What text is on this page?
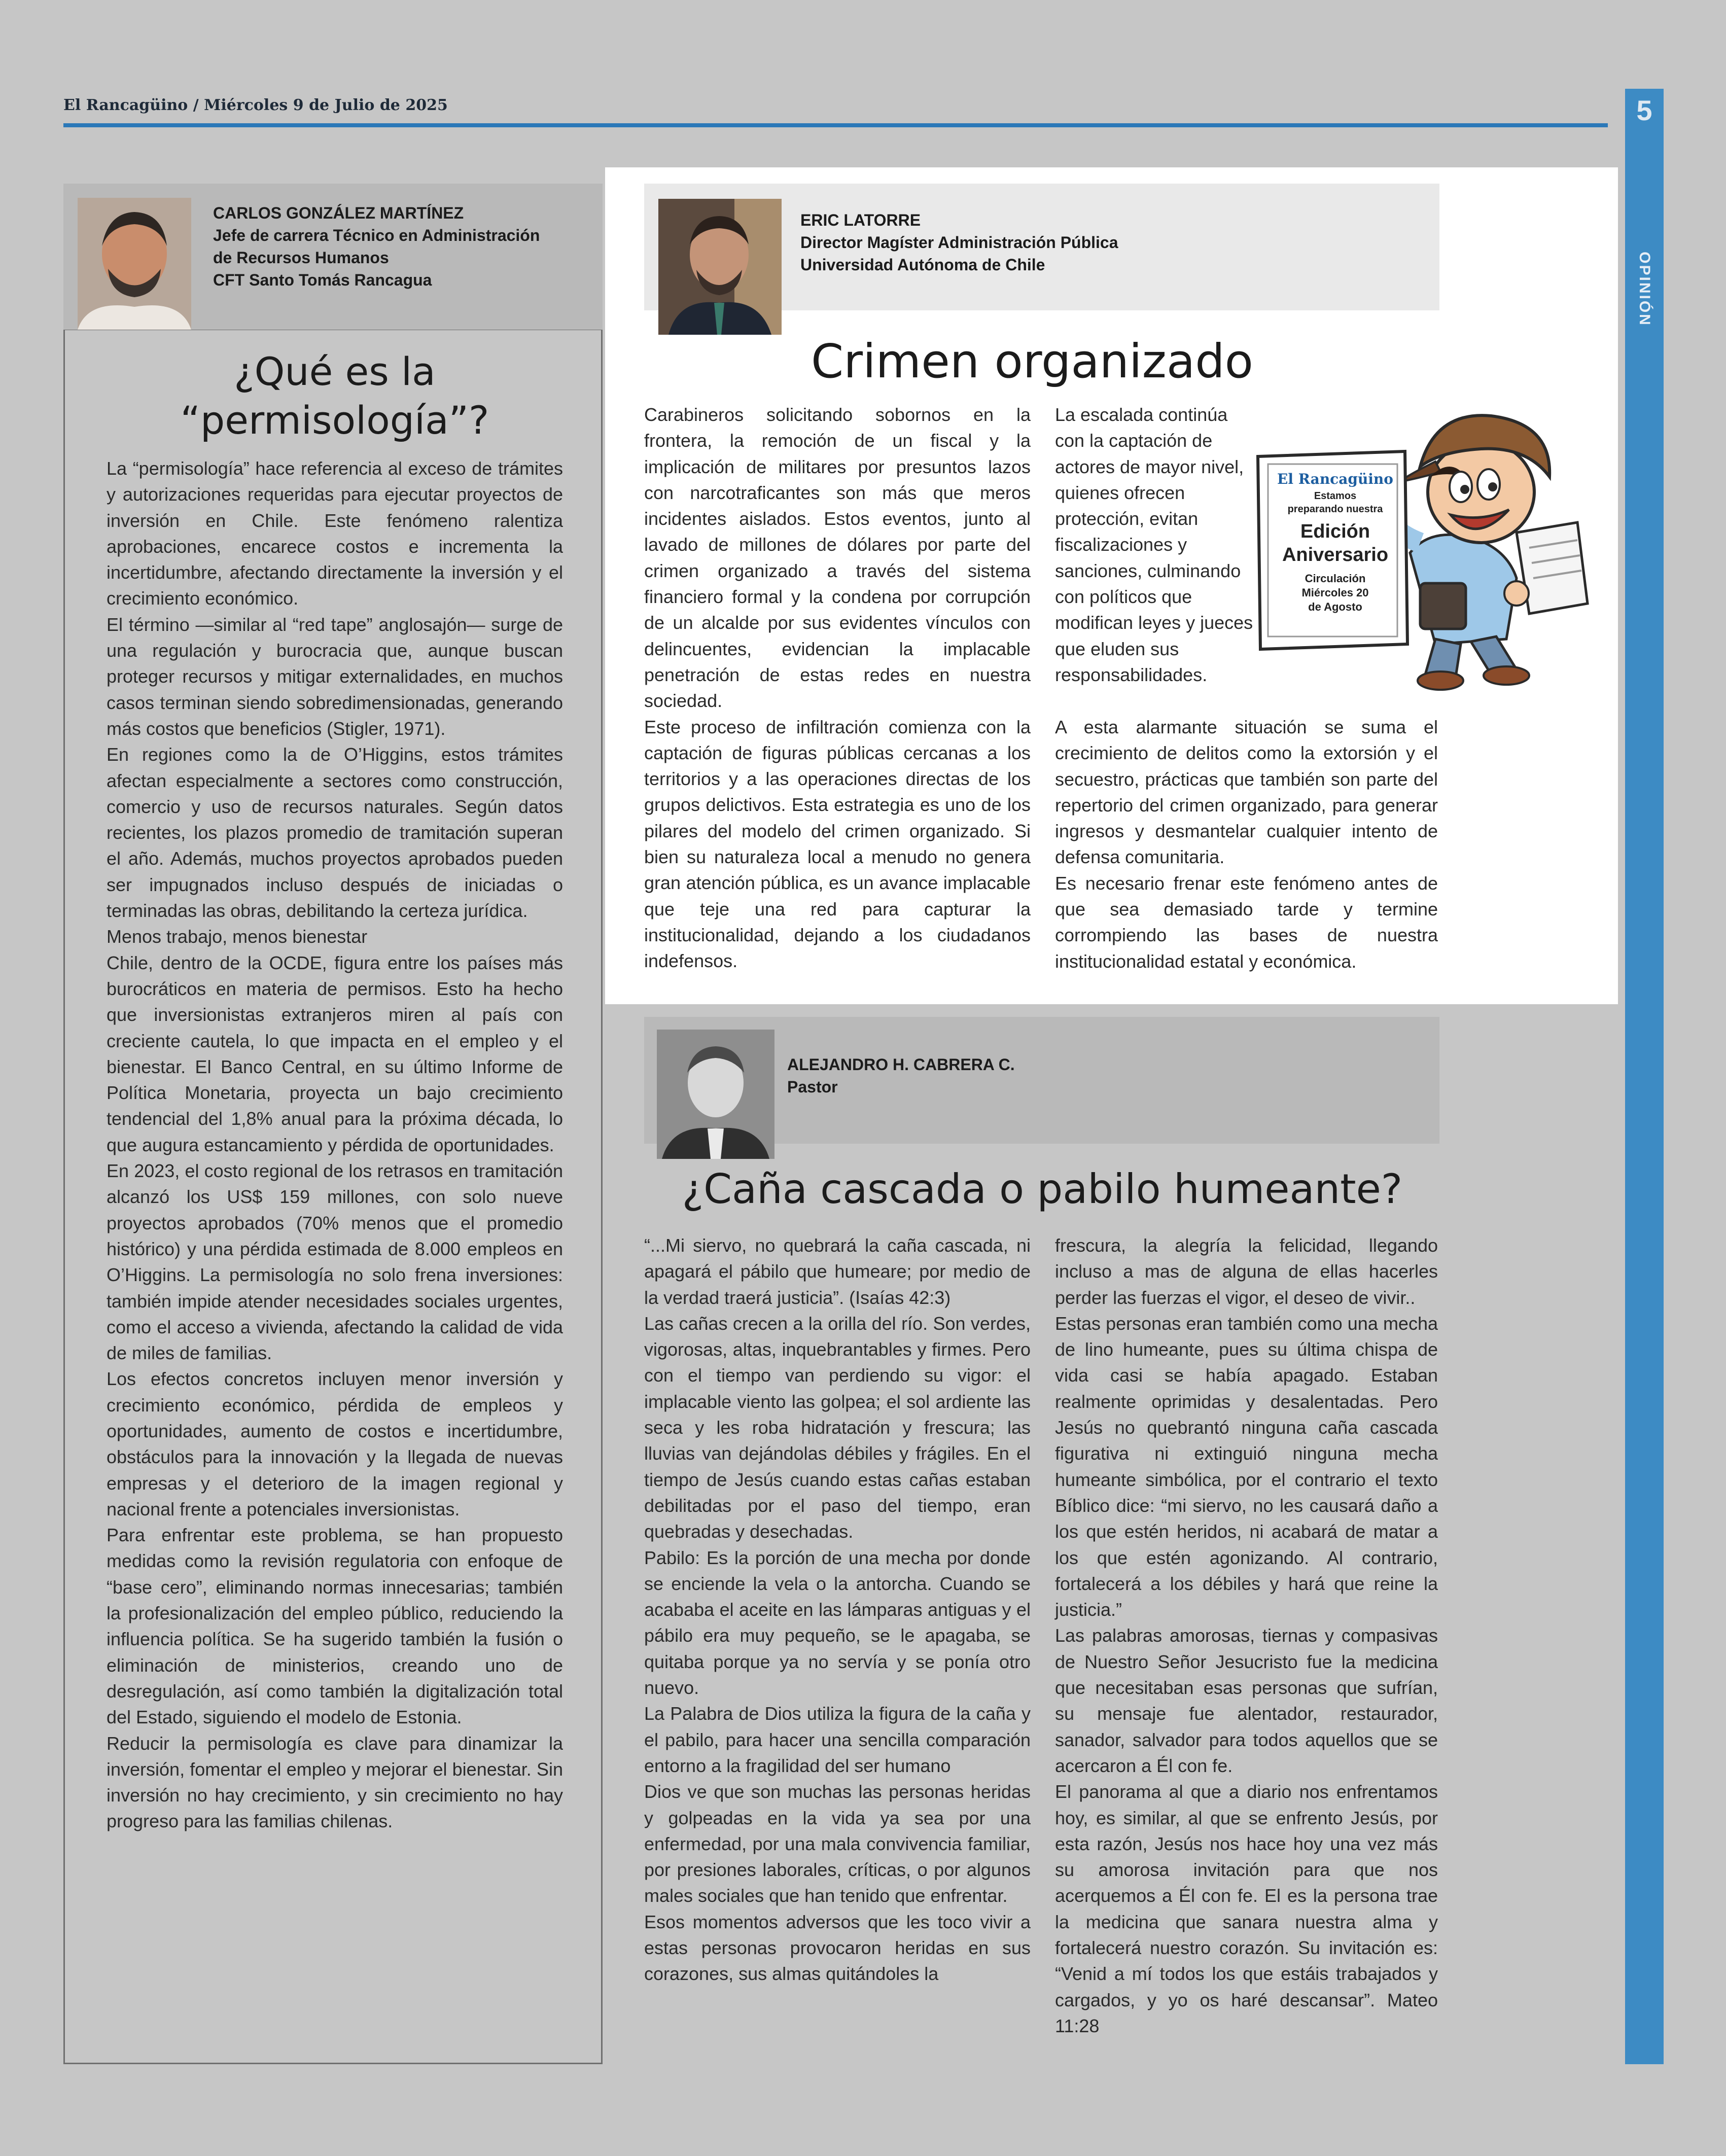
El Rancagüino / Miércoles 9 de Julio de 2025	5
OPINIÓN
CARLOS GONZÁLEZ MARTÍNEZ
Jefe de carrera Técnico en Administración
de Recursos Humanos
CFT Santo Tomás Rancagua
¿Qué es la
“permisología”?

La “permisología” hace referencia al exceso de trámites y autorizaciones requeridas para ejecutar proyectos de inversión en Chile. Este fenómeno ralentiza aprobaciones, encarece costos e incrementa la incertidumbre, afectando directamente la inversión y el crecimiento económico.

El término —similar al “red tape” anglosajón— surge de una regulación y burocracia que, aunque buscan proteger recursos y mitigar externalidades, en muchos casos terminan siendo sobredimensionadas, generando más costos que beneficios (Stigler, 1971).

En regiones como la de O’Higgins, estos trámites afectan especialmente a sectores como construcción, comercio y uso de recursos naturales. Según datos recientes, los plazos promedio de tramitación superan el año. Además, muchos proyectos aprobados pueden ser impugnados incluso después de iniciadas o terminadas las obras, debilitando la certeza jurídica.

Menos trabajo, menos bienestar

Chile, dentro de la OCDE, figura entre los países más burocráticos en materia de permisos. Esto ha hecho que inversionistas extranjeros miren al país con creciente cautela, lo que impacta en el empleo y el bienestar. El Banco Central, en su último Informe de Política Monetaria, proyecta un bajo crecimiento tendencial del 1,8% anual para la próxima década, lo que augura estancamiento y pérdida de oportunidades.

En 2023, el costo regional de los retrasos en tramitación alcanzó los US$ 159 millones, con solo nueve proyectos aprobados (70% menos que el promedio histórico) y una pérdida estimada de 8.000 empleos en O’Higgins. La permisología no solo frena inversiones: también impide atender necesidades sociales urgentes, como el acceso a vivienda, afectando la calidad de vida de miles de familias.

Los efectos concretos incluyen menor inversión y crecimiento económico, pérdida de empleos y oportunidades, aumento de costos e incertidumbre, obstáculos para la innovación y la llegada de nuevas empresas y el deterioro de la imagen regional y nacional frente a potenciales inversionistas.

Para enfrentar este problema, se han propuesto medidas como la revisión regulatoria con enfoque de “base cero”, eliminando normas innecesarias; también la profesionalización del empleo público, reduciendo la influencia política. Se ha sugerido también la fusión o eliminación de ministerios, creando uno de desregulación, así como también la digitalización total del Estado, siguiendo el modelo de Estonia.

Reducir la permisología es clave para dinamizar la inversión, fomentar el empleo y mejorar el bienestar. Sin inversión no hay crecimiento, y sin crecimiento no hay progreso para las familias chilenas.

ERIC LATORRE
Director Magíster Administración Pública
Universidad Autónoma de Chile
Crimen organizado

Carabineros solicitando sobornos en la frontera, la remoción de un fiscal y la implicación de militares por presuntos lazos con narcotraficantes son más que meros incidentes aislados. Estos eventos, junto al lavado de millones de dólares por parte del crimen organizado a través del sistema financiero formal y la condena por corrupción de un alcalde por sus evidentes vínculos con delincuentes, evidencian la implacable penetración de estas redes en nuestra sociedad.

Este proceso de infiltración comienza con la captación de figuras públicas cercanas a los territorios y a las operaciones directas de los grupos delictivos. Esta estrategia es uno de los pilares del modelo del crimen organizado. Si bien su naturaleza local a menudo no genera gran atención pública, es un avance implacable que teje una red para capturar la institucionalidad, dejando a los ciudadanos indefensos.

La escalada continúa con la captación de actores de mayor nivel, quienes ofrecen protección, evitan fiscalizaciones y sanciones, culminando con políticos que modifican leyes y jueces que eluden sus responsabilidades.

A esta alarmante situación se suma el crecimiento de delitos como la extorsión y el secuestro, prácticas que también son parte del repertorio del crimen organizado, para generar ingresos y desmantelar cualquier intento de defensa comunitaria.

Es necesario frenar este fenómeno antes de que sea demasiado tarde y termine corrompiendo las bases de nuestra institucionalidad estatal y económica.

El Rancagüino
Estamos
preparando nuestra
Edición
Aniversario
Circulación
Miércoles 20
de Agosto
ALEJANDRO H. CABRERA C.
Pastor
¿Caña cascada o pabilo humeante?

“...Mi siervo, no quebrará la caña cascada, ni apagará el pábilo que humeare; por medio de la verdad traerá justicia”. (Isaías 42:3)

Las cañas crecen a la orilla del río. Son verdes, vigorosas, altas, inquebrantables y firmes. Pero con el tiempo van perdiendo su vigor: el implacable viento las golpea; el sol ardiente las seca y les roba hidratación y frescura; las lluvias van dejándolas débiles y frágiles. En el tiempo de Jesús cuando estas cañas estaban debilitadas por el paso del tiempo, eran quebradas y desechadas.

Pabilo: Es la porción de una mecha por donde se enciende la vela o la antorcha. Cuando se acababa el aceite en las lámparas antiguas y el pábilo era muy pequeño, se le apagaba, se quitaba porque ya no servía y se ponía otro nuevo.

La Palabra de Dios utiliza la figura de la caña y el pabilo, para hacer una sencilla comparación entorno a la fragilidad del ser humano

Dios ve que son muchas las personas heridas y golpeadas en la vida ya sea por una enfermedad, por una mala convivencia familiar, por presiones laborales, críticas, o por algunos males sociales que han tenido que enfrentar.

Esos momentos adversos que les toco vivir a estas personas provocaron heridas en sus corazones, sus almas quitándoles la

frescura, la alegría la felicidad, llegando incluso a mas de alguna de ellas hacerles perder las fuerzas el vigor, el deseo de vivir..

Estas personas eran también como una mecha de lino humeante, pues su última chispa de vida casi se había apagado. Estaban realmente oprimidas y desalentadas. Pero Jesús no quebrantó ninguna caña cascada figurativa ni extinguió ninguna mecha humeante simbólica, por el contrario el texto Bíblico dice: “mi siervo, no les causará daño a los que estén heridos, ni acabará de matar a los que estén agonizando. Al contrario, fortalecerá a los débiles y hará que reine la justicia.”

Las palabras amorosas, tiernas y compasivas de Nuestro Señor Jesucristo fue la medicina que necesitaban esas personas que sufrían, su mensaje fue alentador, restaurador, sanador, salvador para todos aquellos que se acercaron a Él con fe.

El panorama al que a diario nos enfrentamos hoy, es similar, al que se enfrento Jesús, por esta razón, Jesús nos hace hoy una vez más su amorosa invitación para que nos acerquemos a Él con fe. El es la persona trae la medicina que sanara nuestra alma y fortalecerá nuestro corazón. Su invitación es: “Venid a mí todos los que estáis trabajados y cargados, y yo os haré descansar”. Mateo 11:28
